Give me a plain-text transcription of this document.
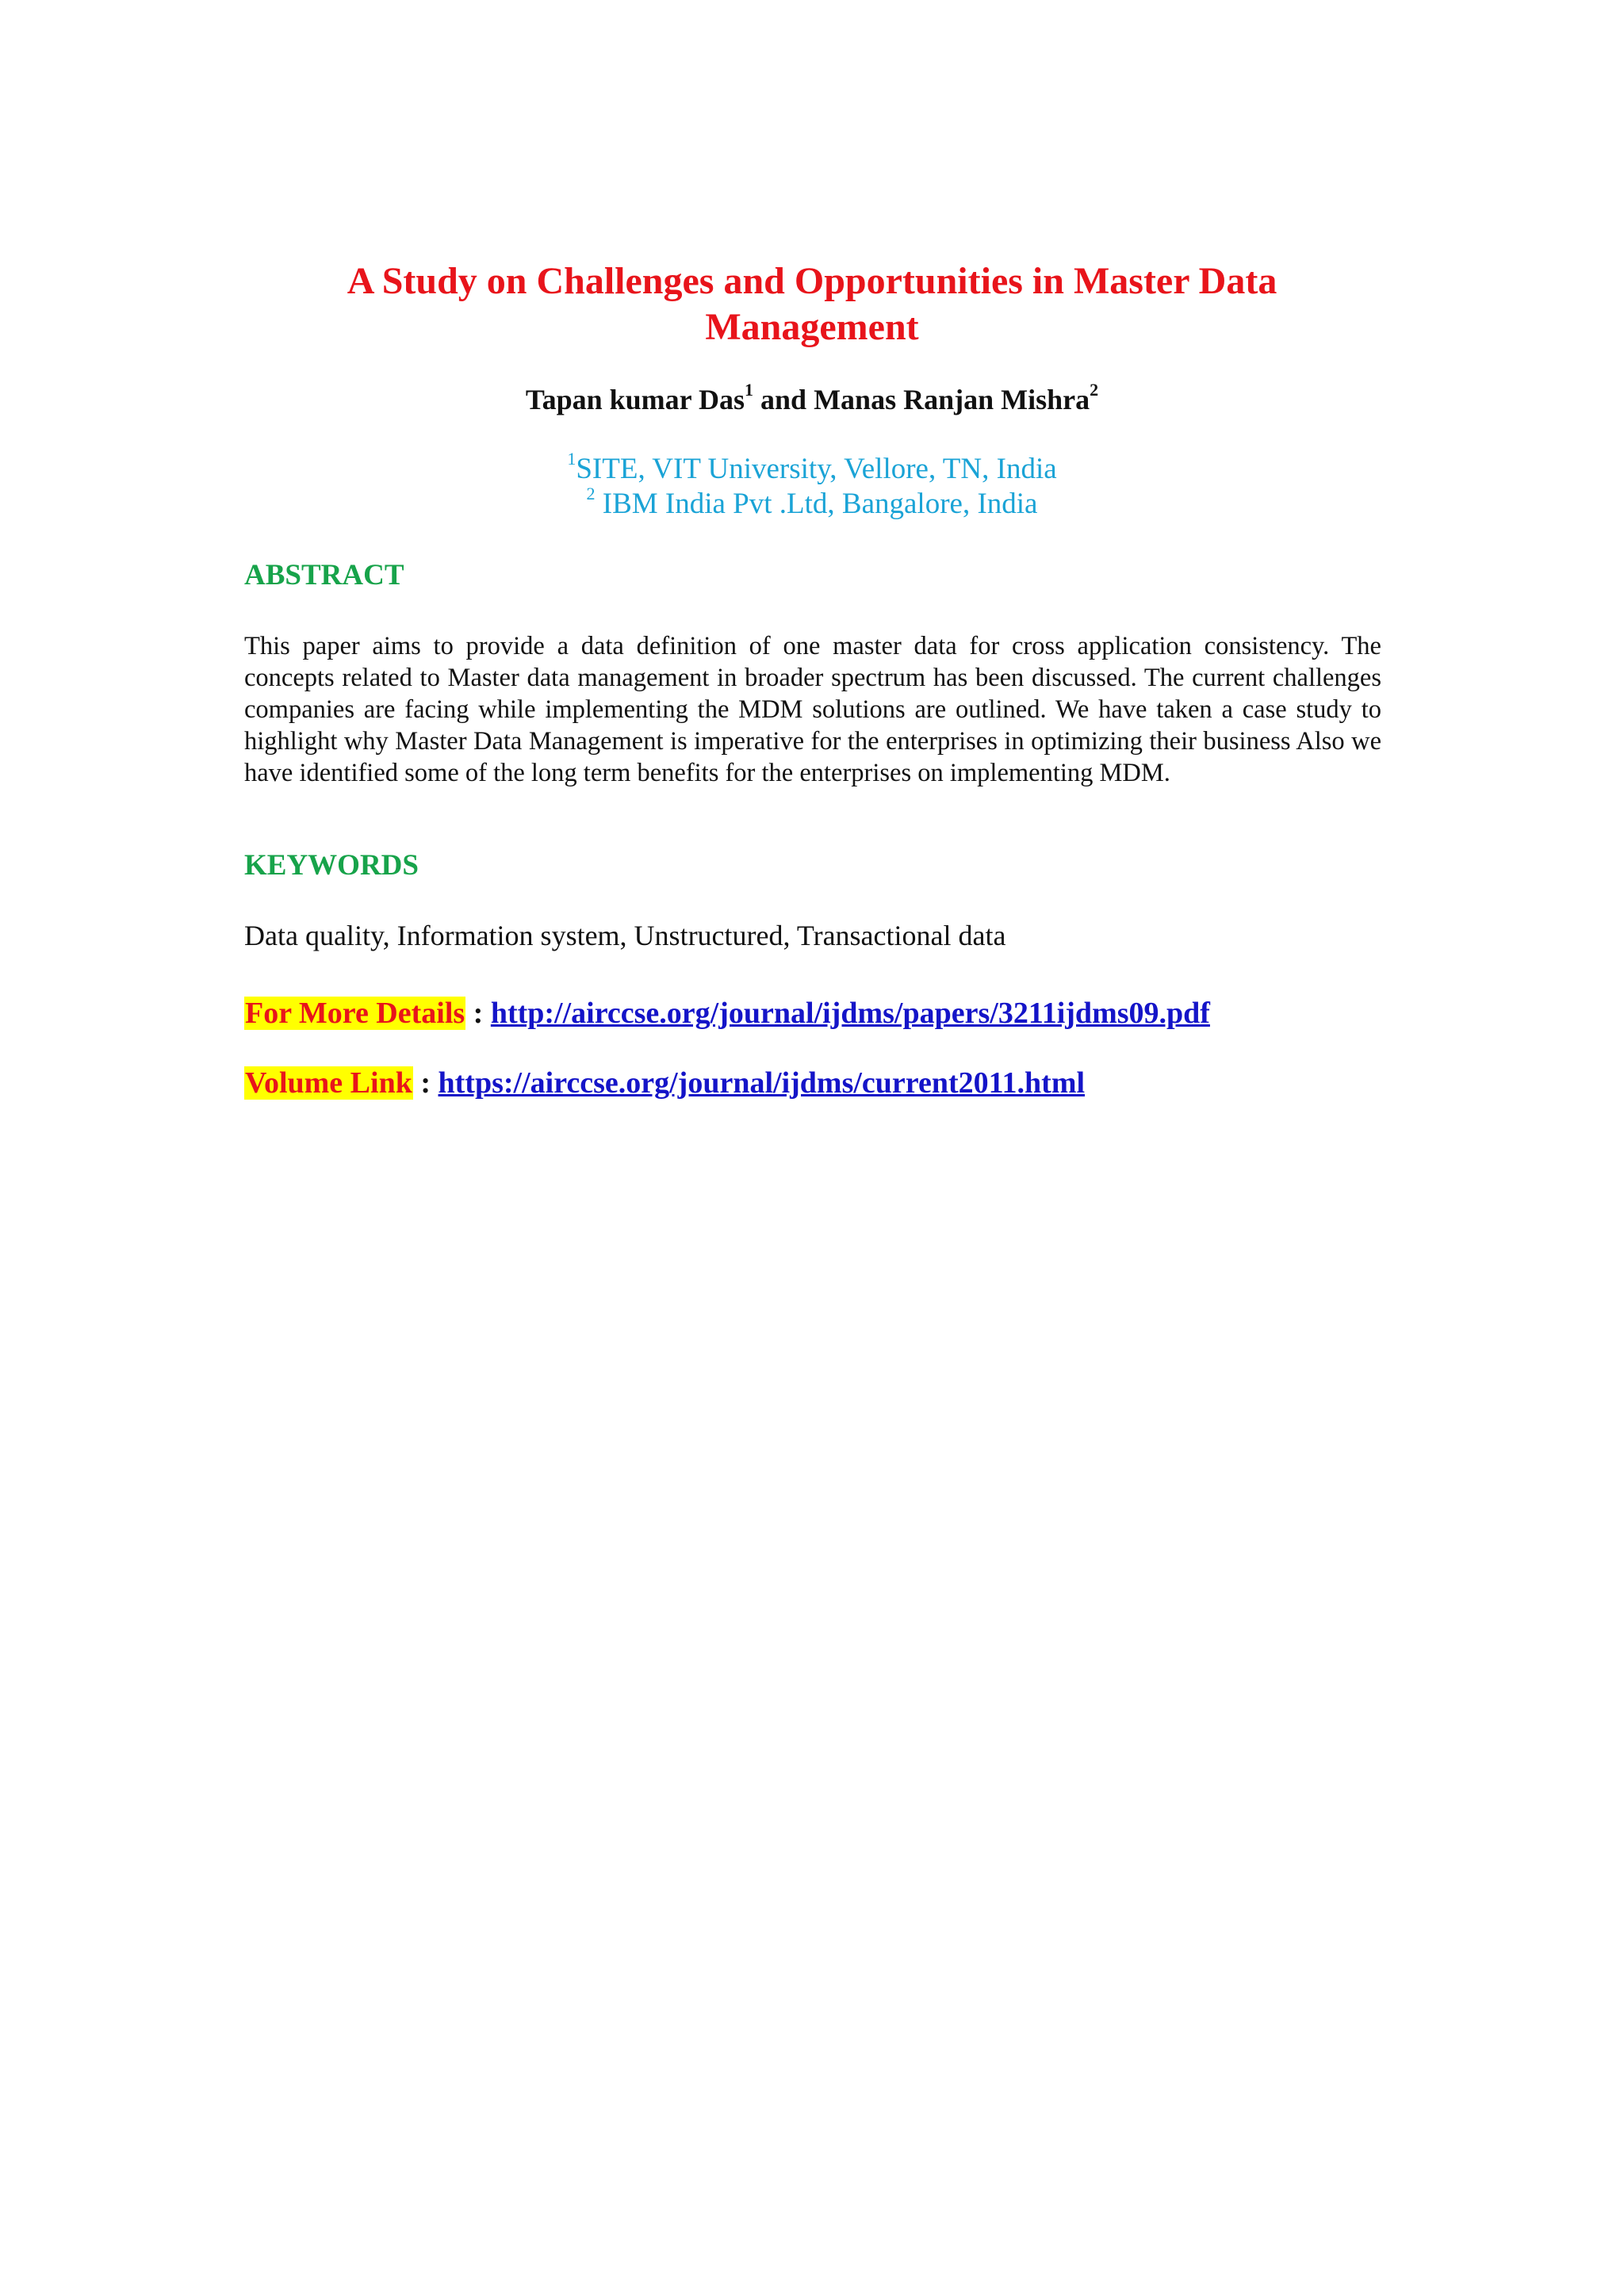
A Study on Challenges and Opportunities in Master Data
Management
Tapan kumar Das$^1$ and Manas Ranjan Mishra$^2$
$^1$SITE, VIT University, Vellore, TN, India
$^2$ IBM India Pvt .Ltd, Bangalore, India
ABSTRACT
This paper aims to provide a data definition of one master data for cross application consistency. The concepts related to Master data management in broader spectrum has been discussed. The current challenges companies are facing while implementing the MDM solutions are outlined. We have taken a case study to highlight why Master Data Management is imperative for the enterprises in optimizing their business Also we have identified some of the long term benefits for the enterprises on implementing MDM.
KEYWORDS
Data quality, Information system, Unstructured, Transactional data
For More Details : http://airccse.org/journal/ijdms/papers/3211ijdms09.pdf
Volume Link : https://airccse.org/journal/ijdms/current2011.html
